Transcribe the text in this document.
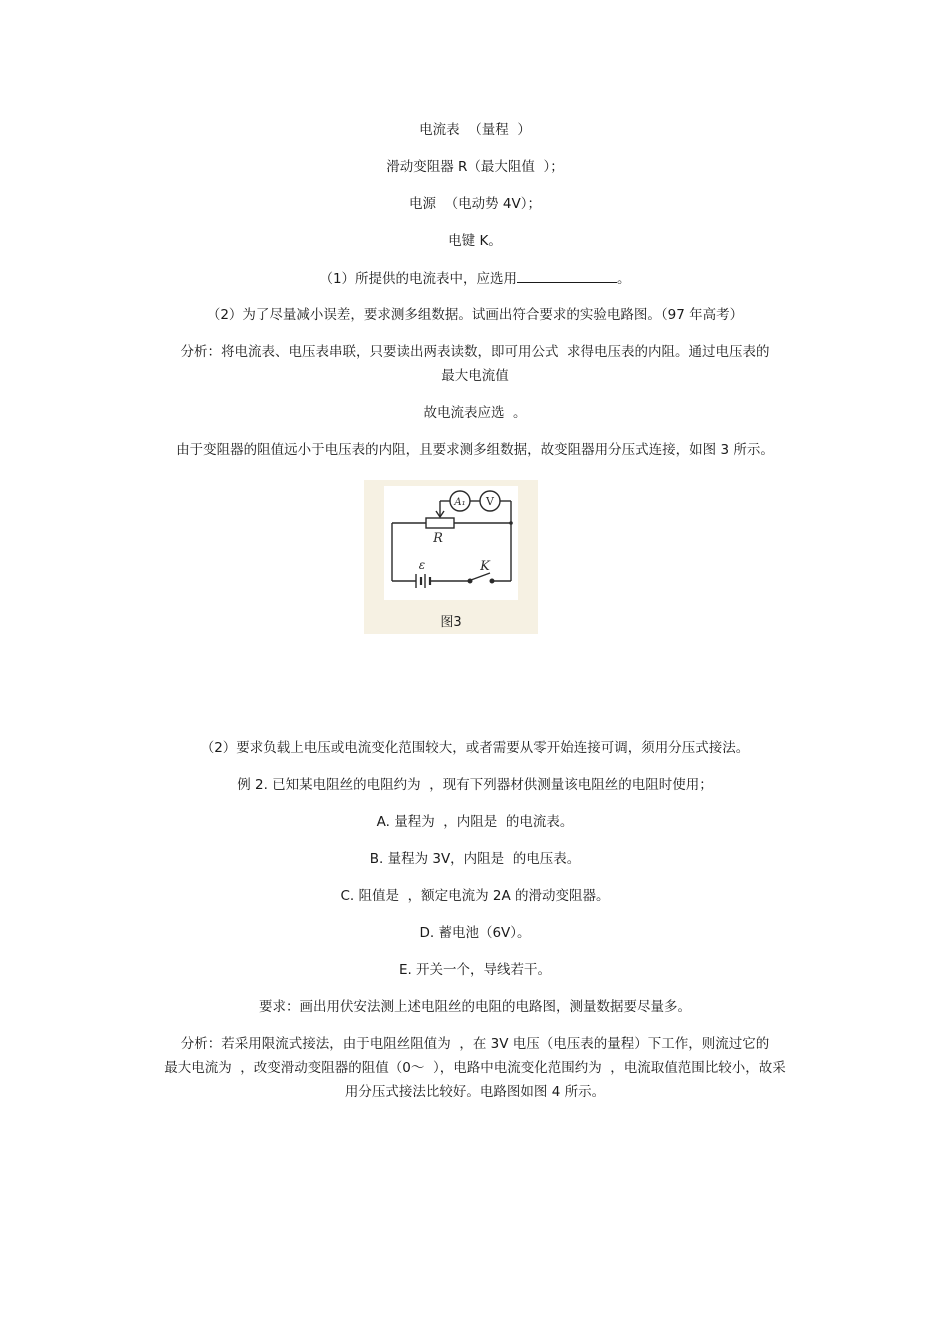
电流表  （量程  ）
滑动变阻器 R（最大阻值  ）；
电源  （电动势 4V）；
电键 K。
（1）所提供的电流表中，应选用	。
（2）为了尽量减小误差，要求测多组数据。试画出符合要求的实验电路图。（97 年高考）
分析：将电流表、电压表串联，只要读出两表读数，即可用公式  求得电压表的内阻。通过电压表的
最大电流值
故电流表应选  。
由于变阻器的阻值远小于电压表的内阻，且要求测多组数据，故变阻器用分压式连接，如图 3 所示。
A₁ V
R
ε	K
图3
（2）要求负载上电压或电流变化范围较大，或者需要从零开始连接可调，须用分压式接法。
例 2. 已知某电阻丝的电阻约为  ，现有下列器材供测量该电阻丝的电阻时使用；
A. 量程为  ，内阻是  的电流表。
B. 量程为 3V，内阻是  的电压表。
C. 阻值是  ，额定电流为 2A 的滑动变阻器。
D. 蓄电池（6V）。
E. 开关一个，导线若干。
要求：画出用伏安法测上述电阻丝的电阻的电路图，测量数据要尽量多。
分析：若采用限流式接法，由于电阻丝阻值为  ，在 3V 电压（电压表的量程）下工作，则流过它的
最大电流为  ，改变滑动变阻器的阻值（0～  ），电路中电流变化范围约为  ，电流取值范围比较小，故采
用分压式接法比较好。电路图如图 4 所示。
